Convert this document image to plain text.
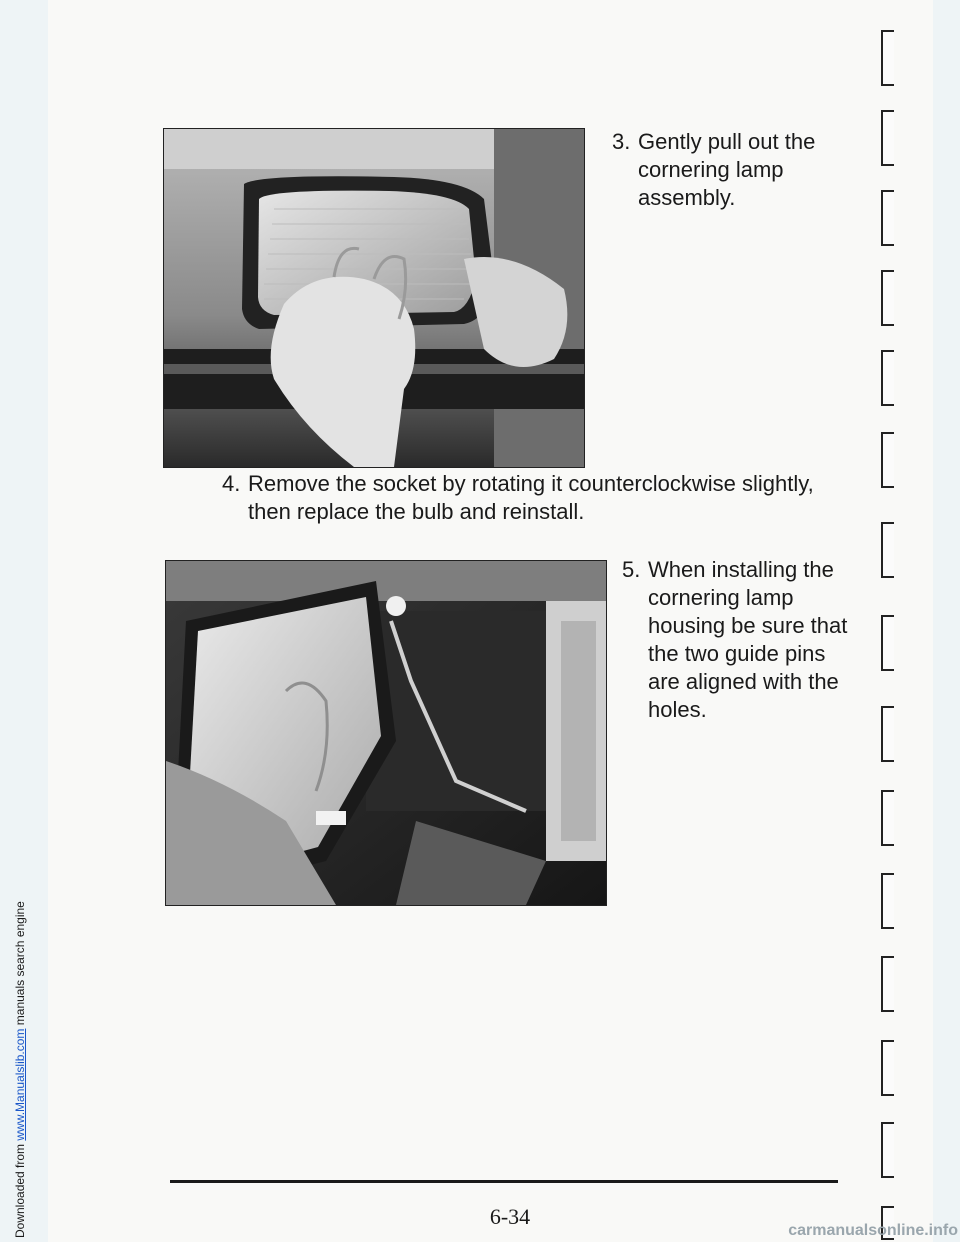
Downloaded from www.Manualslib.com manuals search engine
3. Gently pull out the cornering lamp assembly.
4. Remove the socket by rotating it counterclockwise slightly, then replace the bulb and reinstall.
5. When installing the cornering lamp housing be sure that the two guide pins are aligned with the holes.
6-34
carmanualsonline.info
